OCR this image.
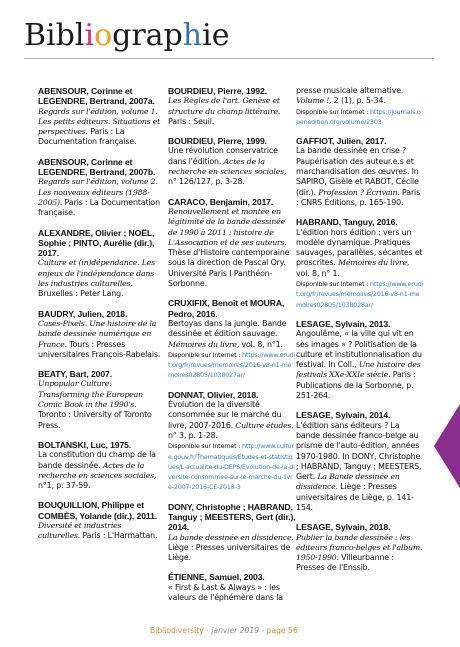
Bibliographie
ABENSOUR, Corinne et LEGENDRE, Bertrand, 2007a.
Regards sur l'édition, volume 1. Les petits éditeurs. Situations et perspectives. Paris : La Documentation française.
ABENSOUR, Corinne et LEGENDRE, Bertrand, 2007b.
Regards sur l'édition, volume 2. Les nouveaux éditeurs (1988-2005). Paris : La Documentation française.
ALEXANDRE, Olivier ; NOËL, Sophie ; PINTO, Aurélie (dir.), 2017.
Culture et (in)dépendance. Les enjeux de l'indépendance dans les industries culturelles. Bruxelles : Peter Lang.
BAUDRY, Julien, 2018.
Cases-Pixels. Une histoire de la bande dessinée numérique en France. Tours : Presses universitaires François-Rabelais.
BEATY, Bart, 2007.
Unpopular Culture: Transforming the European Comic Book in the 1990's. Toronto : University of Toronto Press.
BOLTANSKI, Luc, 1975.
La constitution du champ de la bande dessinée. Actes de la recherche en sciences sociales, n°1, p. 37-59.
BOUQUILLION, Philippe et COMBÈS, Yolande (dir.), 2011.
Diversité et industries culturelles. Paris : L'Harmattan.
BOURDIEU, Pierre, 1992.
Les Règles de l'art. Genèse et structure du champ littéraire. Paris : Seuil.
BOURDIEU, Pierre, 1999.
Une révolution conservatrice dans l'édition. Actes de la recherche en sciences sociales, n° 126/127, p. 3-28.
CARACO, Benjamin, 2017.
Renouvellement et montée en légitimité de la bande dessinée de 1990 à 2011 : histoire de L'Association et de ses auteurs. Thèse d'Histoire contemporaine sous la direction de Pascal Ory. Université Paris I Panthéon-Sorbonne.
CRUXIFIX, Benoît et MOURA, Pedro, 2016.
Bertoyas dans la jungle. Bande dessinée et édition sauvage. Mémoires du livre, vol. 8, n°1.
Disponible sur Internet : https://www.erudit.org/fr/revues/memoires/2016-v8-n1-memoires02805/1038027ar/
DONNAT, Olivier, 2018.
Évolution de la diversité consommée sur le marché du livre, 2007-2016. Culture études, n° 3, p. 1-28.
Disponible sur Internet : http://www.culture.gouv.fr/Thematiques/Etudes-et-statistiques/L-actualite-du-DEPS/Evolution-de-la-diversite-consommee-sur-le-marche-du-livre-2007-2016-CE-2018-3
DONY, Christophe ; HABRAND, Tanguy ; MEESTERS, Gert (dir.), 2014.
La bande dessinée en dissidence. Liège : Presses universitaires de Liège.
ÉTIENNE, Samuel, 2003.
« First & Last & Always » : les valeurs de l'éphémère dans la
presse musicale alternative. Volume !, 2 (1), p. 5-34.
Disponible sur Internet : https://journals.openedition.org/volume/2303
GAFFIOT, Julien, 2017.
La bande dessinée en crise ? Paupérisation des auteur.e.s et marchandisation des œuvres. In SAPIRO, Gisèle et RABOT, Cécile (dir.). Profession ? Écrivain. Paris : CNRS Éditions, p. 165-190.
HABRAND, Tanguy, 2016.
L'édition hors édition : vers un modèle dynamique. Pratiques sauvages, parallèles, sécantes et proscrites. Mémoires du livre, vol. 8, n° 1.
Disponible sur Internet : https://www.erudit.org/fr/revues/memoires/2016-v8-n1-memoires02805/1038028ar/
LESAGE, Sylvain, 2013.
Angoulême, « la ville qui vit en ses images » ? Politisation de la culture et institutionnalisation du festival. In Coll., Une histoire des festivals XXe-XXIe siècle. Paris : Publications de la Sorbonne, p. 251-264.
LESAGE, Sylvain, 2014.
L'édition sans éditeurs ? La bande dessinée franco-belge au prisme de l'auto-édition, années 1970-1980. In DONY, Christophe ; HABRAND, Tanguy ; MEESTERS, Gert. La Bande dessinée en dissidence. Liège : Presses universitaires de Liège, p. 141-154.
LESAGE, Sylvain, 2018.
Publier la bande dessinée : les éditeurs franco-belges et l'album. 1950-1990. Villeurbanne : Presses de l'Enssib.
Bibliodiversity - janvier 2019 - page 56
